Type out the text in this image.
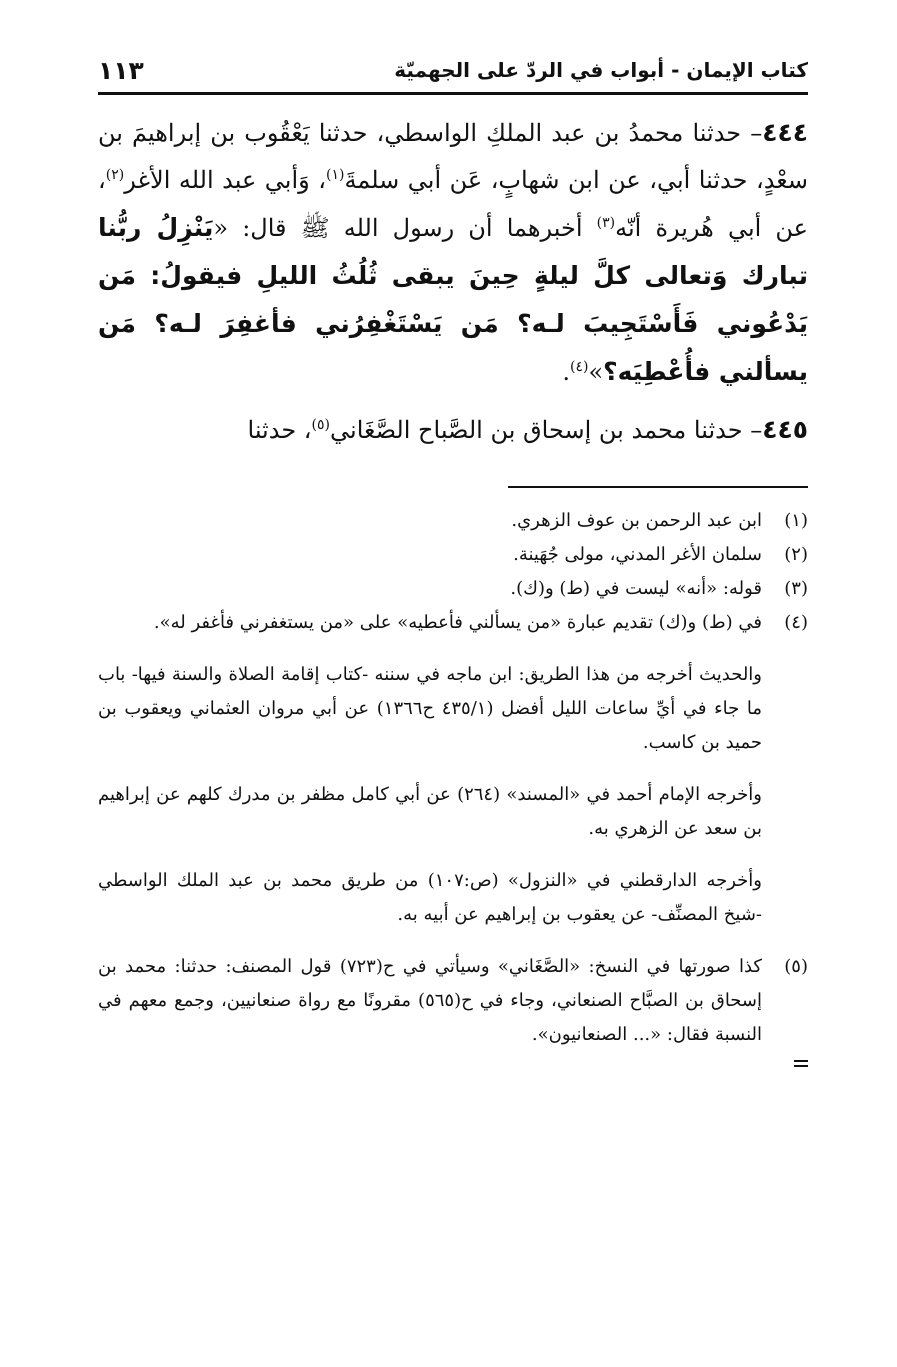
كتاب الإيمان - أبواب في الردّ على الجهميّة
١١٣

٤٤٤– حدثنا محمدُ بن عبد الملكِ الواسطي، حدثنا يَعْقُوب بن إبراهيمَ بن سعْدٍ، حدثنا أبي، عن ابن شهابٍ، عَن أبي سلمةَ$^{(١)}$، وَأبي عبد الله الأغر$^{(٢)}$، عن أبي هُريرة أنّه$^{(٣)}$ أخبرهما أن رسول الله ﷺ قال: «يَنْزِلُ ربُّنا تبارك وَتعالى كلَّ ليلةٍ حِينَ يبقى ثُلُثُ الليلِ فيقولُ: مَن يَدْعُوني فَأَسْتَجِيبَ لـه؟ مَن يَسْتَغْفِرُني فأغفِرَ لـه؟ مَن يسألني فأُعْطِيَه؟»$^{(٤)}$.

٤٤٥– حدثنا محمد بن إسحاق بن الصَّباح الصَّغَاني$^{(٥)}$، حدثنا

(١)
ابن عبد الرحمن بن عوف الزهري.
(٢)
سلمان الأغر المدني، مولى جُهَينة.
(٣)
قوله: «أنه» ليست في (ط) و(ك).
(٤)
في (ط) و(ك) تقديم عبارة «من يسألني فأعطيه» على «من يستغفرني فأغفر له».

والحديث أخرجه من هذا الطريق: ابن ماجه في سننه -كتاب إقامة الصلاة والسنة فيها- باب ما جاء في أيِّ ساعات الليل أفضل (٤٣٥/١ ح١٣٦٦) عن أبي مروان العثماني ويعقوب بن حميد بن كاسب.

وأخرجه الإمام أحمد في «المسند» (٢٦٤) عن أبي كامل مظفر بن مدرك كلهم عن إبراهيم بن سعد عن الزهري به.

وأخرجه الدارقطني في «النزول» (ص:١٠٧) من طريق محمد بن عبد الملك الواسطي -شيخ المصنِّف- عن يعقوب بن إبراهيم عن أبيه به.

(٥)
كذا صورتها في النسخ: «الصَّغَاني» وسيأتي في ح(٧٢٣) قول المصنف: حدثنا: محمد بن إسحاق بن الصبَّاح الصنعاني، وجاء في ح(٥٦٥) مقرونًا مع رواة صنعانيين، وجمع معهم في النسبة فقال: «... الصنعانيون».
